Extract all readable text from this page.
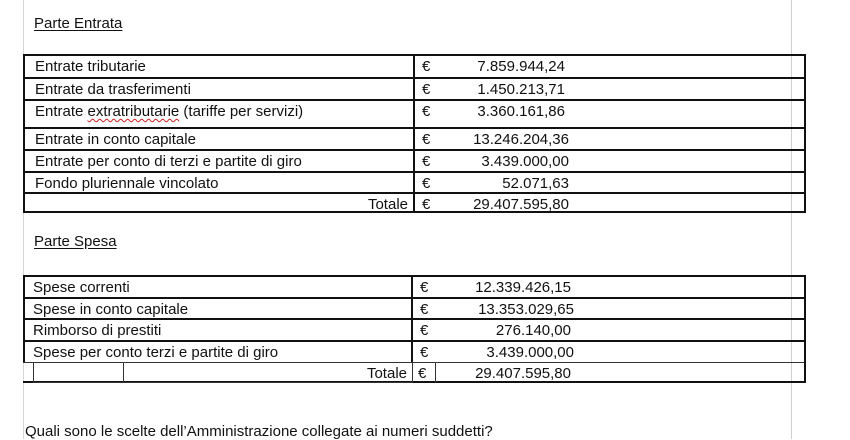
Parte Entrata
Entrate tributarie	€	7.859.944,24
Entrate da trasferimenti	€	1.450.213,71
Entrate extratributarie (tariffe per servizi)	€	3.360.161,86
Entrate in conto capitale	€	13.246.204,36
Entrate per conto di terzi e partite di giro	€	3.439.000,00
Fondo pluriennale vincolato	€	52.071,63
Totale €	29.407.595,80
Parte Spesa
Spese correnti	€	12.339.426,15
Spese in conto capitale	€	13.353.029,65
Rimborso di prestiti	€	276.140,00
Spese per conto terzi e partite di giro	€	3.439.000,00
Totale €	29.407.595,80
Quali sono le scelte dell’Amministrazione collegate ai numeri suddetti?
